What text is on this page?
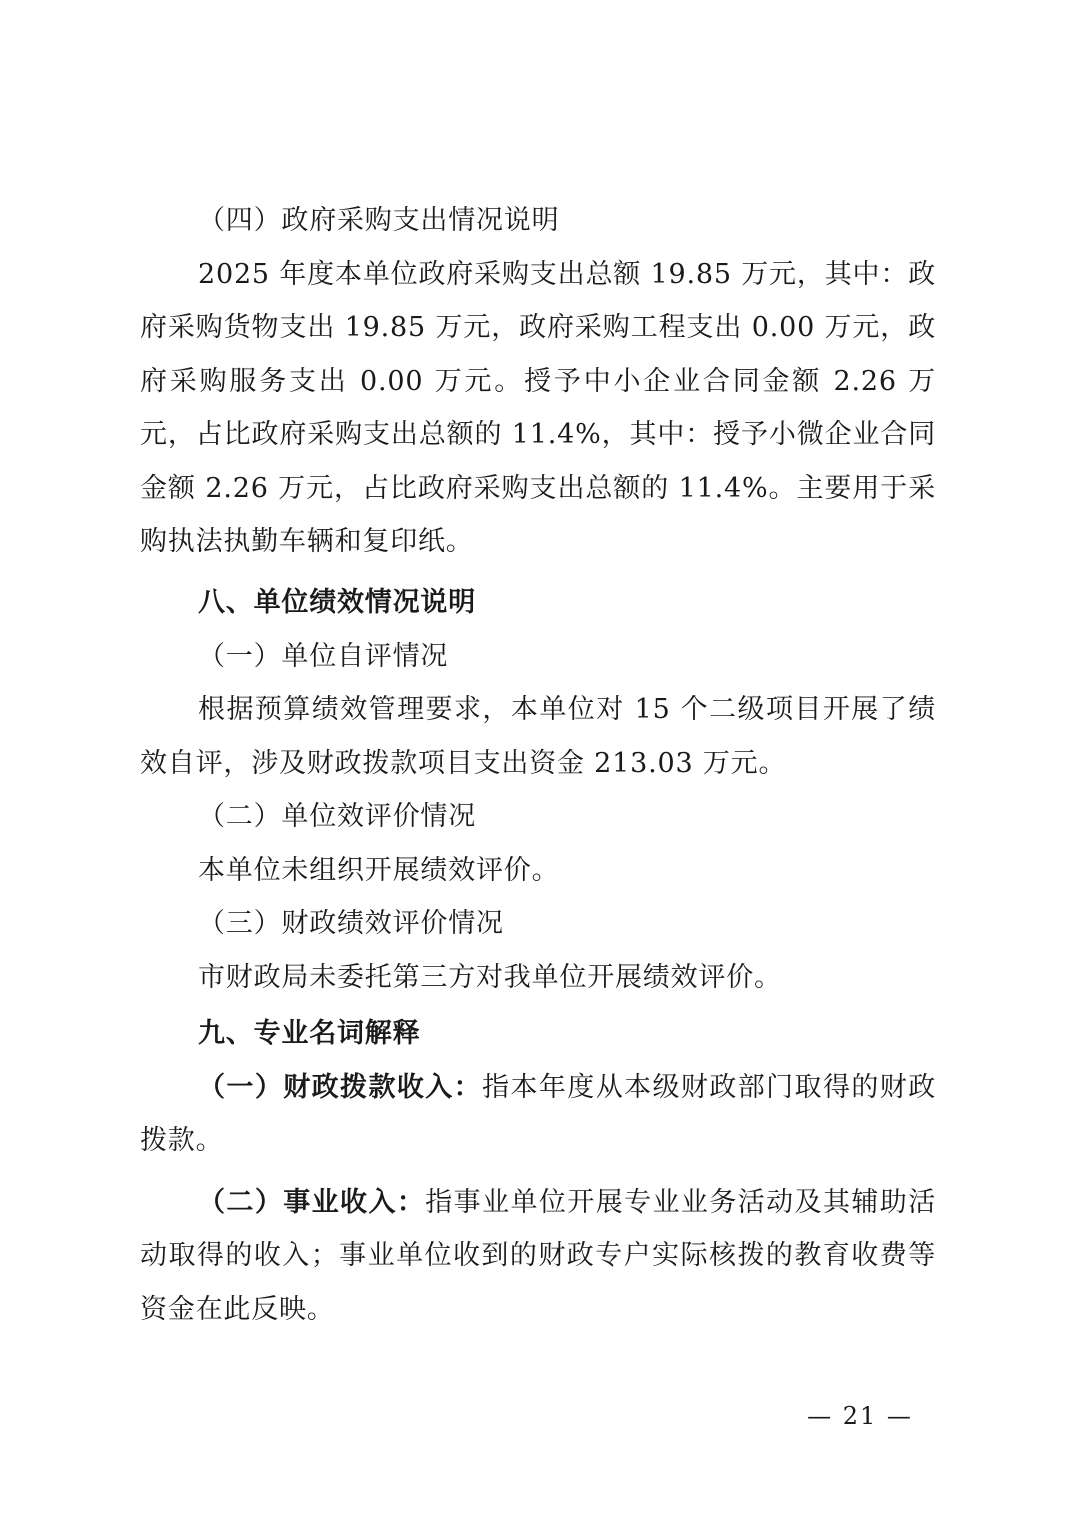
（四）政府采购支出情况说明

2025 年度本单位政府采购支出总额 19.85 万元，其中：政府采购货物支出 19.85 万元，政府采购工程支出 0.00 万元，政府采购服务支出 0.00 万元。授予中小企业合同金额 2.26 万元，占比政府采购支出总额的 11.4%，其中：授予小微企业合同金额 2.26 万元，占比政府采购支出总额的 11.4%。主要用于采购执法执勤车辆和复印纸。

八、单位绩效情况说明

（一）单位自评情况

根据预算绩效管理要求，本单位对 15 个二级项目开展了绩效自评，涉及财政拨款项目支出资金 213.03 万元。

（二）单位效评价情况

本单位未组织开展绩效评价。

（三）财政绩效评价情况

市财政局未委托第三方对我单位开展绩效评价。

九、专业名词解释

（一）财政拨款收入：指本年度从本级财政部门取得的财政拨款。

（二）事业收入：指事业单位开展专业业务活动及其辅助活动取得的收入；事业单位收到的财政专户实际核拨的教育收费等资金在此反映。

— 21 —
